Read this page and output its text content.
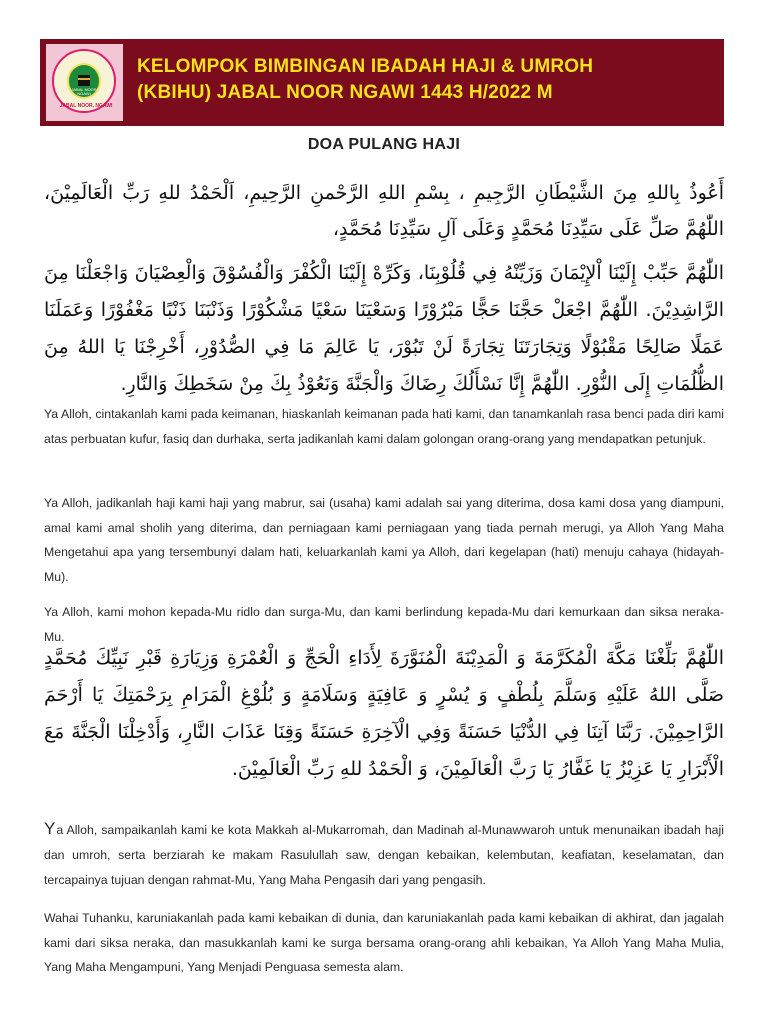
JABAL NOOR NGAWI
JABAL NOOR, NGAWI
KELOMPOK BIMBINGAN IBADAH HAJI & UMROH
(KBIHU) JABAL NOOR NGAWI 1443 H/2022 M
DOA PULANG HAJI

أَعُوذُ بِاللهِ مِنَ الشَّيْطَانِ الرَّجِيمِ ، بِسْمِ اللهِ الرَّحْمنِ الرَّحِيمِ، اَلْحَمْدُ للهِ رَبِّ الْعَالَمِيْنَ، اللّٰهُمَّ صَلِّ عَلَى سَيِّدِنَا مُحَمَّدٍ وَعَلَى آلِ سَيِّدِنَا مُحَمَّدٍ،

اللّٰهُمَّ حَبِّبْ إِلَيْنَا اْلإِيْمَانَ وَزَيِّنْهُ فِي قُلُوْبِنَا، وَكَرِّهْ إِلَيْنَا الْكُفْرَ وَالْفُسُوْقَ وَالْعِصْيَانَ وَاجْعَلْنَا مِنَ الرَّاشِدِيْنَ. اللّٰهُمَّ اجْعَلْ حَجَّنَا حَجًّا مَبْرُوْرًا وَسَعْيَنَا سَعْيًا مَشْكُوْرًا وَذَنْبَنَا ذَنْبًا مَغْفُوْرًا وَعَمَلَنَا عَمَلًا صَالِحًا مَقْبُوْلًا وَتِجَارَتَنَا تِجَارَةً لَنْ تَبُوْرَ، يَا عَالِمَ مَا فِي الصُّدُوْرِ، أَخْرِجْنَا يَا اللهُ مِنَ الظُّلُمَاتِ إِلَى النُّوْرِ. اللّٰهُمَّ إِنَّا نَسْأَلُكَ رِضَاكَ وَالْجَنَّةَ وَنَعُوْذُ بِكَ مِنْ سَخَطِكَ وَالنَّارِ.

Ya Alloh, cintakanlah kami pada keimanan, hiaskanlah keimanan pada hati kami, dan tanamkanlah rasa benci pada diri kami atas perbuatan kufur, fasiq dan durhaka, serta jadikanlah kami dalam golongan orang-orang yang mendapatkan petunjuk.

Ya Alloh, jadikanlah haji kami haji yang mabrur, sai (usaha) kami adalah sai yang diterima, dosa kami dosa yang diampuni, amal kami amal sholih yang diterima, dan perniagaan kami perniagaan yang tiada pernah merugi, ya Alloh Yang Maha Mengetahui apa yang tersembunyi dalam hati, keluarkanlah kami ya Alloh, dari kegelapan (hati) menuju cahaya (hidayah-Mu).

Ya Alloh, kami mohon kepada-Mu ridlo dan surga-Mu, dan kami berlindung kepada-Mu dari kemurkaan dan siksa neraka-Mu.

اللّٰهُمَّ بَلِّغْنَا مَكَّةَ الْمُكَرَّمَةَ وَ الْمَدِيْنَةَ الْمُنَوَّرَةَ لِأَدَاءِ الْحَجِّ وَ الْعُمْرَةِ وَزِيَارَةِ قَبْرِ نَبِيِّكَ مُحَمَّدٍ صَلَّى اللهُ عَلَيْهِ وَسَلَّمَ بِلُطْفٍ وَ يُسْرٍ وَ عَافِيَةٍ وَسَلَامَةٍ وَ بُلُوْغِ الْمَرَامِ بِرَحْمَتِكَ يَا أَرْحَمَ الرَّاحِمِيْنَ. رَبَّنَا آتِنَا فِي الدُّنْيَا حَسَنَةً وَفِي الْآخِرَةِ حَسَنَةً وَقِنَا عَذَابَ النَّارِ، وَأَدْخِلْنَا الْجَنَّةَ مَعَ الْأَبْرَارِ يَا عَزِيْزُ يَا غَفَّارُ يَا رَبَّ الْعَالَمِيْنَ، وَ الْحَمْدُ للهِ رَبِّ الْعَالَمِيْنَ.

Ya Alloh, sampaikanlah kami ke kota Makkah al-Mukarromah, dan Madinah al-Munawwaroh untuk menunaikan ibadah haji dan umroh, serta berziarah ke makam Rasulullah saw, dengan kebaikan, kelembutan, keafiatan, keselamatan, dan tercapainya tujuan dengan rahmat-Mu, Yang Maha Pengasih dari yang pengasih.

Wahai Tuhanku, karuniakanlah pada kami kebaikan di dunia, dan karuniakanlah pada kami kebaikan di akhirat, dan jagalah kami dari siksa neraka, dan masukkanlah kami ke surga bersama orang-orang ahli kebaikan, Ya Alloh Yang Maha Mulia, Yang Maha Mengampuni, Yang Menjadi Penguasa semesta alam.
